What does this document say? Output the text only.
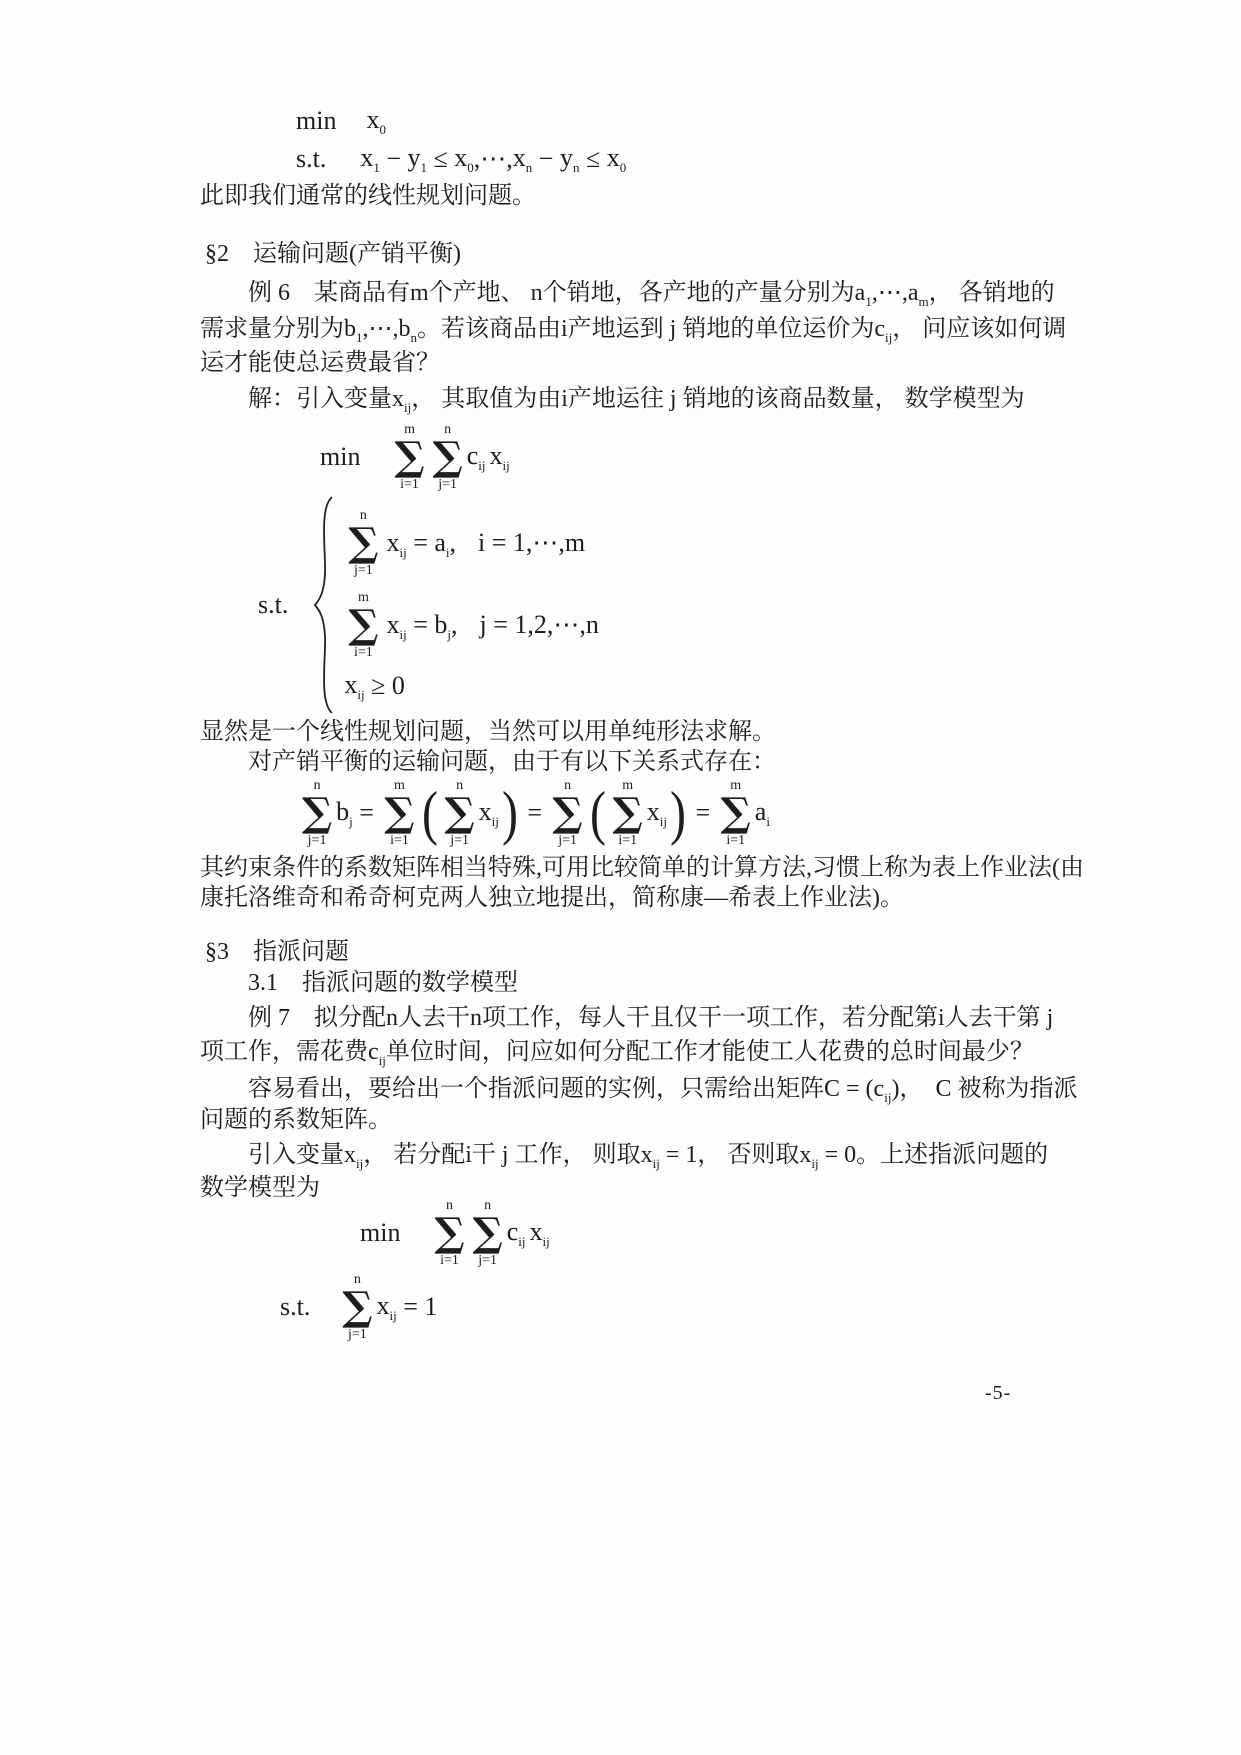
$\min x_0$
s.t. $x_1 - y_1 \le x_0$ ,⋯, $x_n - y_n \le x_0$
此即我们通常的线性规划问题。
§2　运输问题(产销平衡)
例 6　某商品有 m 个产地、 n 个销地，各产地的产量分别为 $a_1$ ,⋯, $a_m$ ， 各销地的
需求量分别为 $b_1$ ,⋯, $b_n$ 。若该商品由 i 产地运到 j 销地的单位运价为 $c_{ij}$ ， 问应该如何调
运才能使总运费最省？
解：引入变量 $x_{ij}$ ， 其取值为由 i 产地运往 j 销地的该商品数量， 数学模型为
min
m
∑
i=1
n
∑
j=1
$c_{ij}$ $x_{ij}$
s.t.
n
∑
j=1
$x_{ij} = a_i$ , i = 1,⋯,m
m
∑
i=1
$x_{ij} = b_j$ , j = 1,2,⋯,n
$x_{ij} \ge 0$
显然是一个线性规划问题，当然可以用单纯形法求解。
对产销平衡的运输问题，由于有以下关系式存在：
n
∑
j=1
$b_j$ =
m
∑
i=1 ( n
∑
j=1
$x_{ij}$ ) =
n
∑
j=1 ( m
∑
i=1
$x_{ij}$ ) =
m
∑
i=1
$a_i$
其约束条件的系数矩阵相当特殊,可用比较简单的计算方法,习惯上称为表上作业法(由
康托洛维奇和希奇柯克两人独立地提出，简称康—希表上作业法)。
§3　指派问题
3.1　指派问题的数学模型
例 7　拟分配 n 人去干 n 项工作，每人干且仅干一项工作，若分配第 i 人去干第 j
项工作，需花费 $c_{ij}$ 单位时间，问应如何分配工作才能使工人花费的总时间最少？
容易看出，要给出一个指派问题的实例，只需给出矩阵 C = ( $c_{ij}$ )，　 C 被称为指派
问题的系数矩阵。
引入变量 $x_{ij}$ ， 若分配 i 干 j 工作， 则取 $x_{ij} = 1$， 否则取 $x_{ij} = 0$。上述指派问题的
数学模型为
min
n
∑
i=1
n
∑
j=1
$c_{ij}$ $x_{ij}$
s.t.
n
∑
j=1
$x_{ij} = 1$
-5-
